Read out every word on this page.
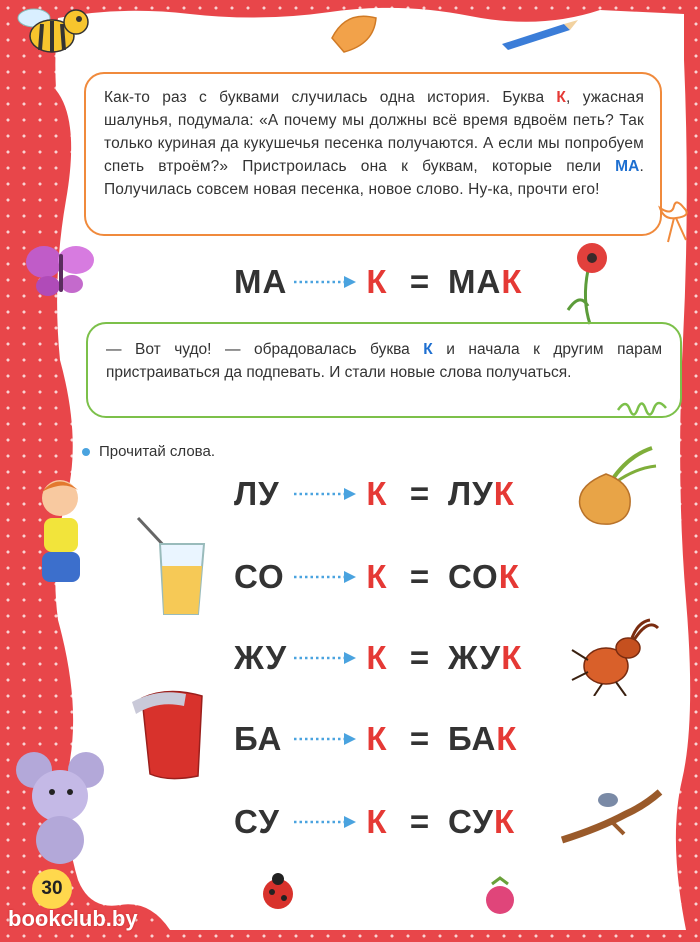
Как-то раз с буквами случилась одна история. Буква К, ужасная шалунья, подумала: «А почему мы должны всё время вдвоём петь? Так только куриная да кукушечья песенка получаются. А если мы попробуем спеть втроём?» Пристроилась она к буквам, которые пели МА. Получилась совсем новая песенка, новое слово. Ну-ка, прочти его!

МА К = МАК

— Вот чудо! — обрадовалась буква К и начала к другим парам пристраиваться да подпевать. И стали новые слова получаться.

Прочитай слова.
ЛУ	К = ЛУК
СО К = СОК
ЖУ К = ЖУК
БА	К = БАК
СУ	К = СУК
30
bookclub.by
